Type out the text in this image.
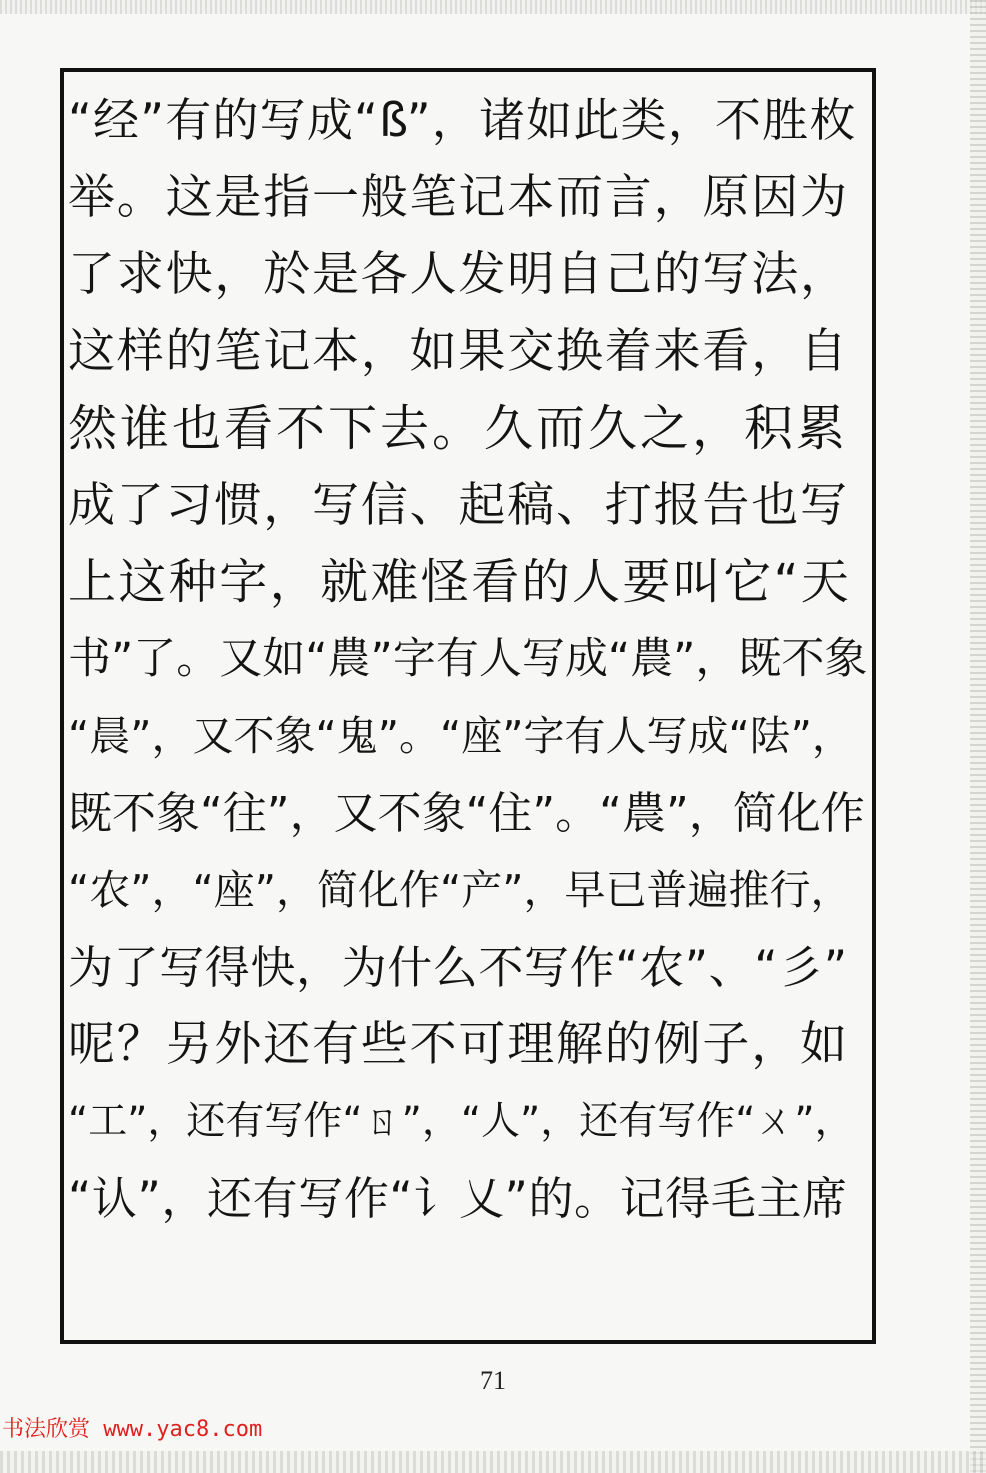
“经”有的写成“ß”，诸如此类，不胜枚
举。这是指一般笔记本而言，原因为
了求快，於是各人发明自己的写法，
这样的笔记本，如果交换着来看，自
然谁也看不下去。久而久之，积累
成了习惯，写信、起稿、打报告也写
上这种字，就难怪看的人要叫它“天
书”了。又如“農”字有人写成“農”，既不象
“晨”，又不象“鬼”。“座”字有人写成“阹”，
既不象“往”，又不象“住”。“農”，简化作
“农”，“座”，简化作“产”，早已普遍推行，
为了写得快，为什么不写作“农”、“彡”
呢？另外还有些不可理解的例子，如
“工”，还有写作“ㄖ”，“人”，还有写作“ㄨ”，
“认”，还有写作“讠乂”的。记得毛主席
71
书法欣赏 www.yac8.com
